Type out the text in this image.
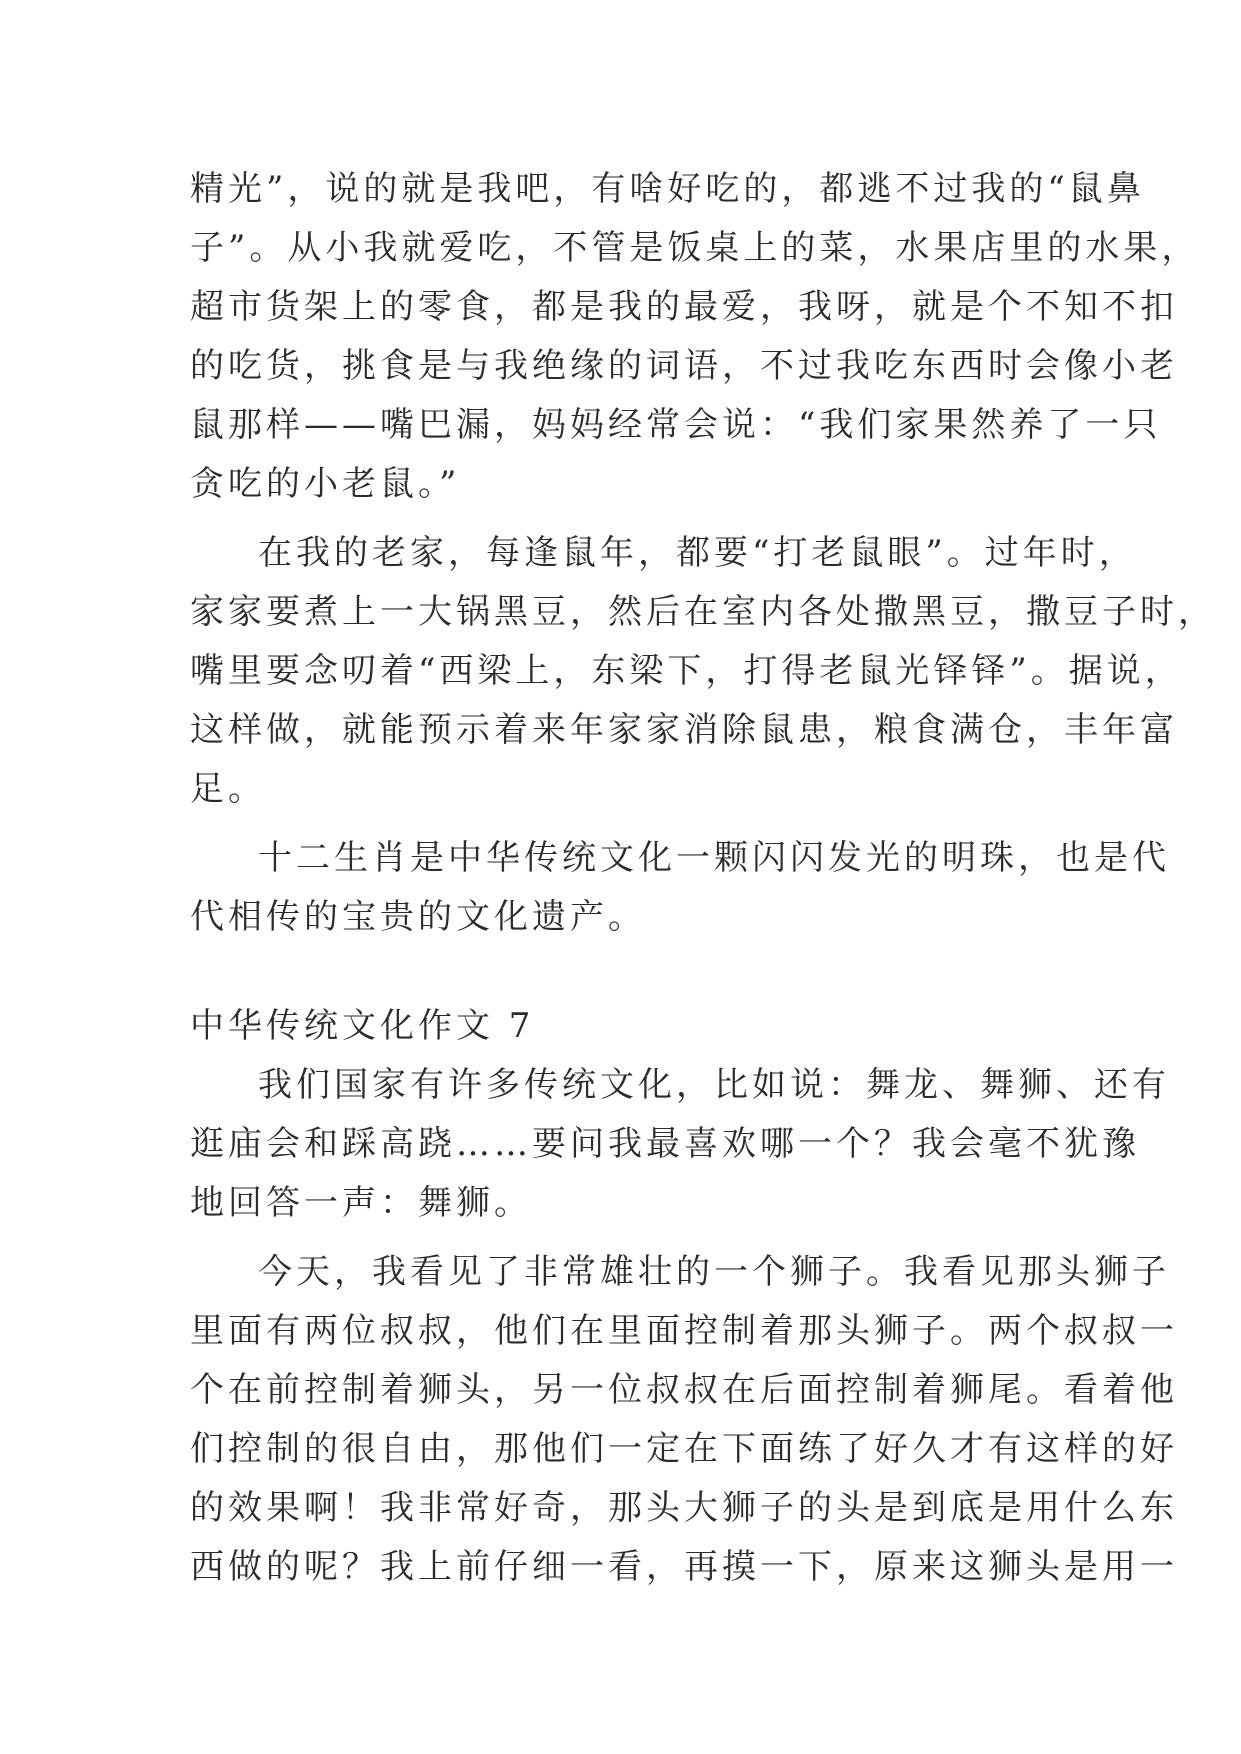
精光”，说的就是我吧，有啥好吃的，都逃不过我的“鼠鼻
子”。从小我就爱吃，不管是饭桌上的菜，水果店里的水果，
超市货架上的零食，都是我的最爱，我呀，就是个不知不扣
的吃货，挑食是与我绝缘的词语，不过我吃东西时会像小老
鼠那样——嘴巴漏，妈妈经常会说：“我们家果然养了一只
贪吃的小老鼠。”
在我的老家，每逢鼠年，都要“打老鼠眼”。过年时，
家家要煮上一大锅黑豆，然后在室内各处撒黑豆，撒豆子时，
嘴里要念叨着“西梁上，东梁下，打得老鼠光铎铎”。据说，
这样做，就能预示着来年家家消除鼠患，粮食满仓，丰年富
足。
十二生肖是中华传统文化一颗闪闪发光的明珠，也是代
代相传的宝贵的文化遗产。
中华传统文化作文 7
我们国家有许多传统文化，比如说：舞龙、舞狮、还有
逛庙会和踩高跷……要问我最喜欢哪一个？我会毫不犹豫
地回答一声：舞狮。
今天，我看见了非常雄壮的一个狮子。我看见那头狮子
里面有两位叔叔，他们在里面控制着那头狮子。两个叔叔一
个在前控制着狮头，另一位叔叔在后面控制着狮尾。看着他
们控制的很自由，那他们一定在下面练了好久才有这样的好
的效果啊！我非常好奇，那头大狮子的头是到底是用什么东
西做的呢？我上前仔细一看，再摸一下，原来这狮头是用一
